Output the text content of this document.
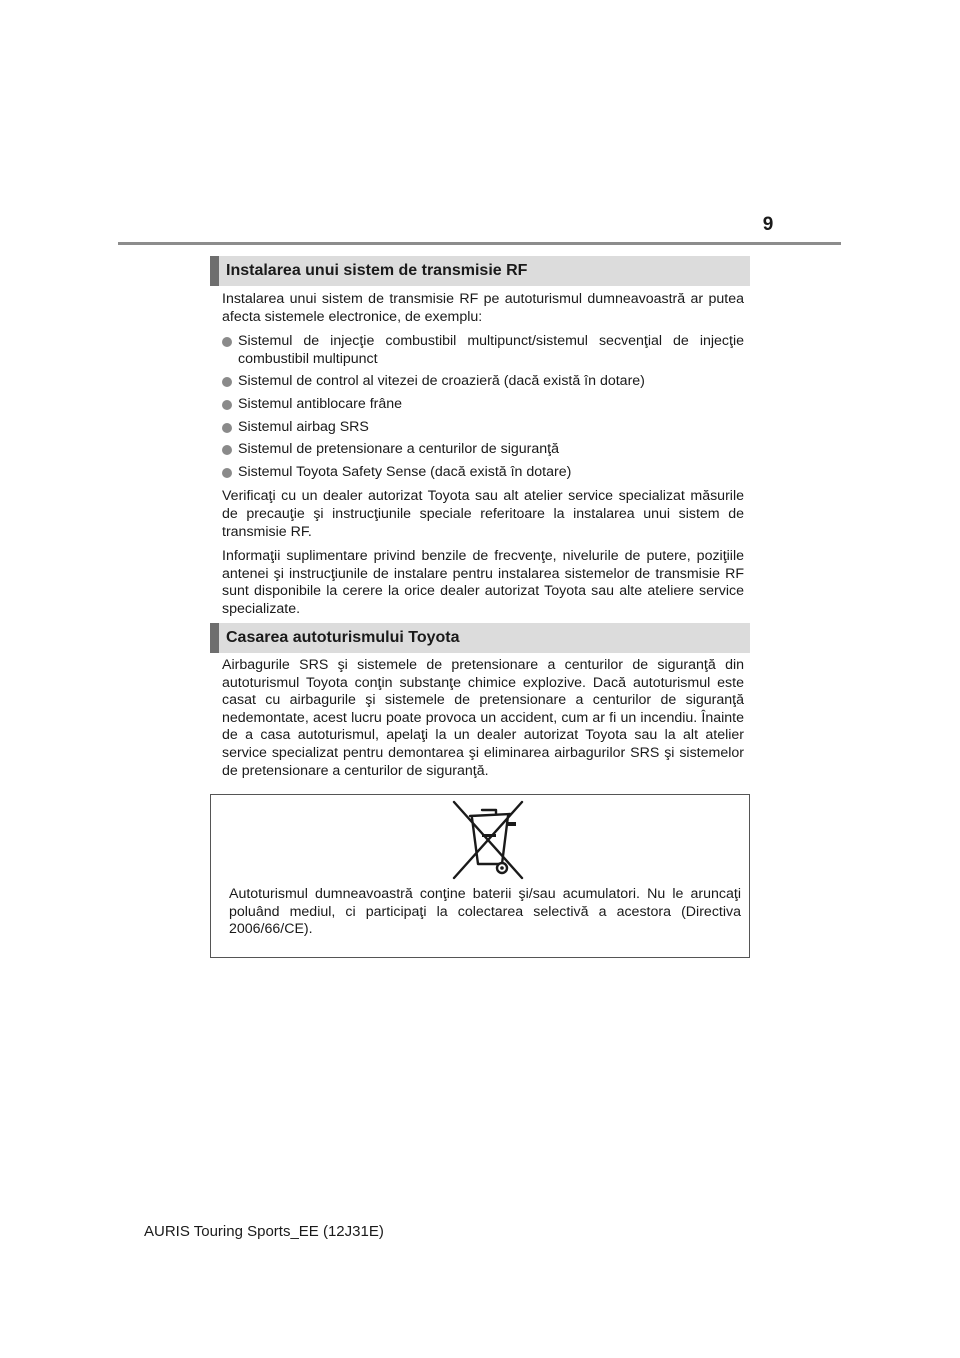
9
Instalarea unui sistem de transmisie RF

Instalarea unui sistem de transmisie RF pe autoturismul dumneavoastră ar putea afecta sistemele electronice, de exemplu:

Sistemul de injecţie combustibil multipunct/sistemul secvenţial de injecţie combustibil multipunct
Sistemul de control al vitezei de croazieră (dacă există în dotare)
Sistemul antiblocare frâne
Sistemul airbag SRS
Sistemul de pretensionare a centurilor de siguranţă
Sistemul Toyota Safety Sense (dacă există în dotare)

Verificaţi cu un dealer autorizat Toyota sau alt atelier service specializat măsurile de precauţie şi instrucţiunile speciale referitoare la instalarea unui sistem de transmisie RF.

Informaţii suplimentare privind benzile de frecvenţe, nivelurile de putere, poziţiile antenei şi instrucţiunile de instalare pentru instalarea sistemelor de transmisie RF sunt disponibile la cerere la orice dealer autorizat Toyota sau alte ateliere service specializate.

Casarea autoturismului Toyota

Airbagurile SRS şi sistemele de pretensionare a centurilor de siguranţă din autoturismul Toyota conţin substanţe chimice explozive. Dacă autoturismul este casat cu airbagurile şi sistemele de pretensionare a centurilor de siguranţă nedemontate, acest lucru poate provoca un accident, cum ar fi un incendiu. Înainte de a casa autoturismul, apelaţi la un dealer autorizat Toyota sau la alt atelier service specializat pentru demontarea şi eliminarea airbagurilor SRS şi sistemelor de pretensionare a centurilor de siguranţă.

Autoturismul dumneavoastră conţine baterii şi/sau acumulatori. Nu le aruncaţi poluând mediul, ci participaţi la colectarea selectivă a acestora (Directiva 2006/66/CE).

AURIS Touring Sports_EE (12J31E)
